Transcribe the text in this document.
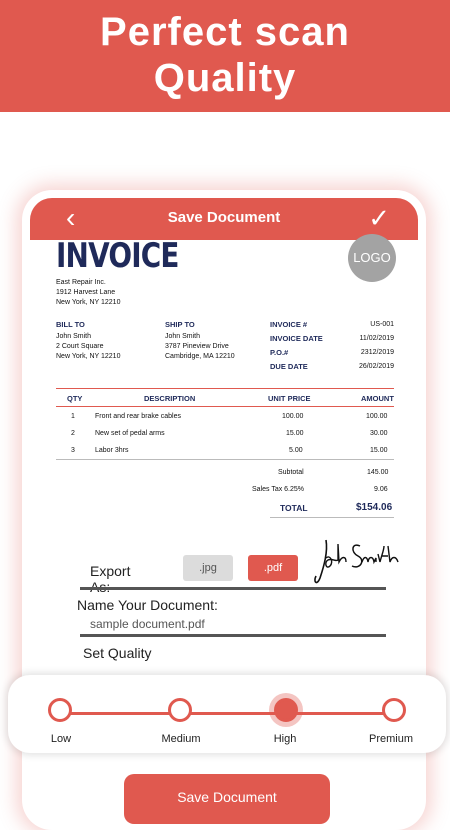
Perfect scan
Quality
‹	Save Document	✓
INVOICE	LOGO
East Repair Inc.
1912 Harvest Lane
New York, NY 12210
BILL TO
John Smith
2 Court Square
New York, NY 12210
SHIP TO
John Smith
3787 Pineview Drive
Cambridge, MA 12210
INVOICE #	US-001
INVOICE DATE	11/02/2019
P.O.#	2312/2019
DUE DATE	26/02/2019
QTY	DESCRIPTION	UNIT PRICE	AMOUNT
1	Front and rear brake cables	100.00	100.00
2	New set of pedal arms	15.00	30.00
3	Labor 3hrs	5.00	15.00
Subtotal	145.00
Sales Tax 6.25%	9.06
TOTAL	$154.06
Export	.jpg	.pdf
Name Your Document:
sample document.pdf
Set Quality
Low	Medium	High	Premium
Save Document
